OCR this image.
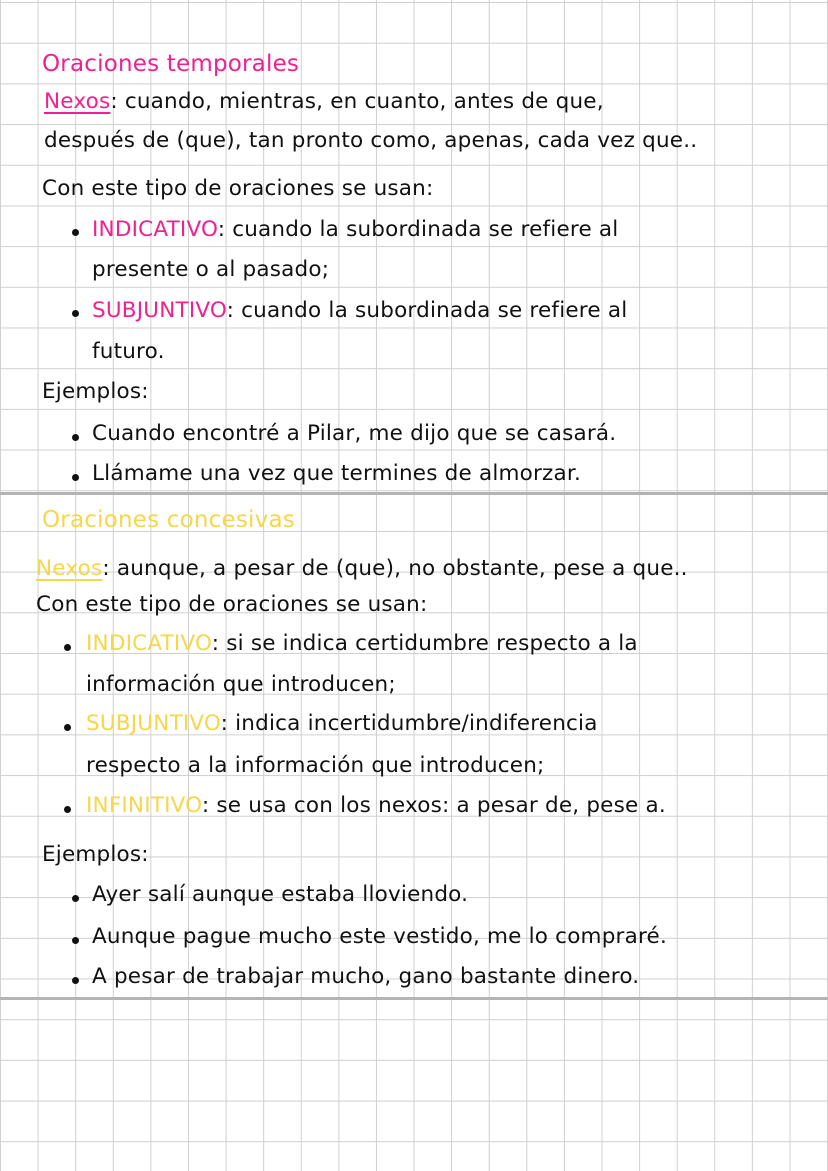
Oraciones temporales
Nexos: cuando, mientras, en cuanto, antes de que,
después de (que), tan pronto como, apenas, cada vez que..
Con este tipo de oraciones se usan:
INDICATIVO: cuando la subordinada se refiere al
presente o al pasado;
SUBJUNTIVO: cuando la subordinada se refiere al
futuro.
Ejemplos:
Cuando encontré a Pilar, me dijo que se casará.
Llámame una vez que termines de almorzar.
Oraciones concesivas
Nexos: aunque, a pesar de (que), no obstante, pese a que..
Con este tipo de oraciones se usan:
INDICATIVO: si se indica certidumbre respecto a la
información que introducen;
SUBJUNTIVO: indica incertidumbre/indiferencia
respecto a la información que introducen;
INFINITIVO: se usa con los nexos: a pesar de, pese a.
Ejemplos:
Ayer salí aunque estaba lloviendo.
Aunque pague mucho este vestido, me lo compraré.
A pesar de trabajar mucho, gano bastante dinero.
